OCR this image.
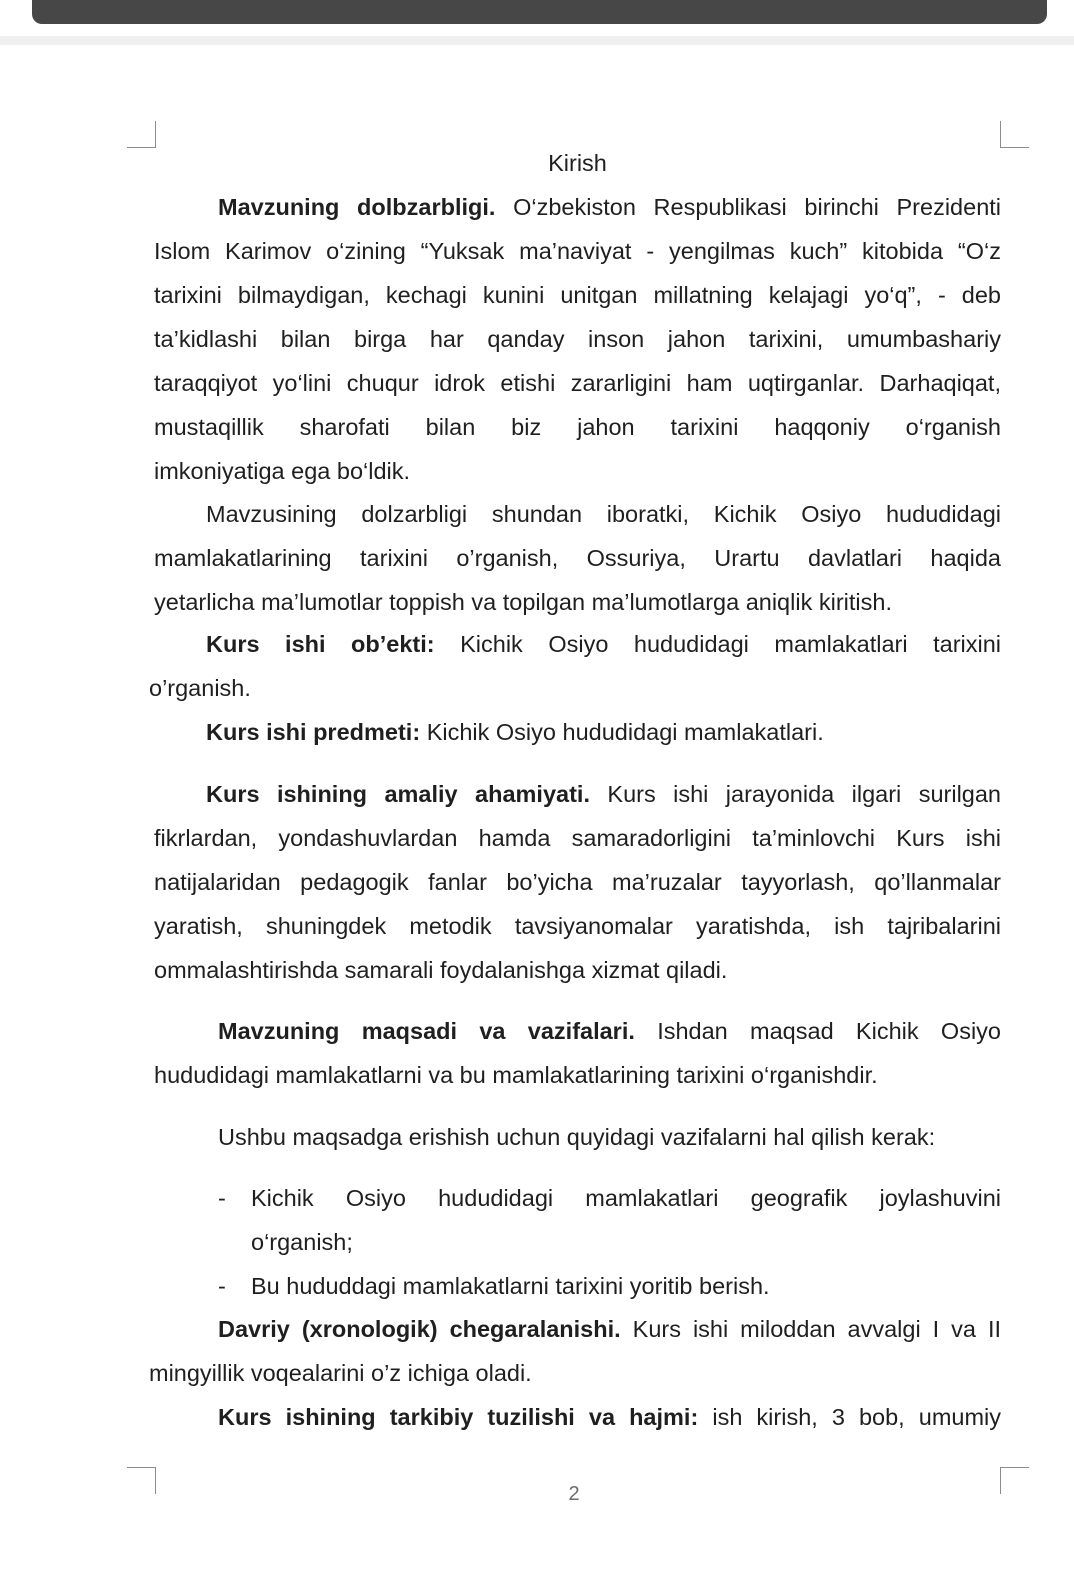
Kirish
Mavzuning dolbzarbligi. O‘zbekiston Respublikasi birinchi Prezidenti
Islom Karimov o‘zining “Yuksak ma’naviyat - yengilmas kuch” kitobida “O‘z
tarixini bilmaydigan, kechagi kunini unitgan millatning kelajagi yo‘q”, - deb
ta’kidlashi bilan birga har qanday inson jahon tarixini, umumbashariy
taraqqiyot yo‘lini chuqur idrok etishi zararligini ham uqtirganlar. Darhaqiqat,
mustaqillik sharofati bilan biz jahon tarixini haqqoniy o‘rganish
imkoniyatiga ega bo‘ldik.
Mavzusining dolzarbligi shundan iboratki, Kichik Osiyo hududidagi
mamlakatlarining tarixini o’rganish, Ossuriya, Urartu davlatlari haqida
yetarlicha ma’lumotlar toppish va topilgan ma’lumotlarga aniqlik kiritish.
Kurs ishi ob’ekti: Kichik Osiyo hududidagi mamlakatlari tarixini
o’rganish.
Kurs ishi predmeti: Kichik Osiyo hududidagi mamlakatlari.
Kurs ishining amaliy ahamiyati. Kurs ishi jarayonida ilgari surilgan
fikrlardan, yondashuvlardan hamda samaradorligini ta’minlovchi Kurs ishi
natijalaridan pedagogik fanlar bo’yicha ma’ruzalar tayyorlash, qo’llanmalar
yaratish, shuningdek metodik tavsiyanomalar yaratishda, ish tajribalarini
ommalashtirishda samarali foydalanishga xizmat qiladi.
Mavzuning maqsadi va vazifalari. Ishdan maqsad Kichik Osiyo
hududidagi mamlakatlarni va bu mamlakatlarining tarixini o‘rganishdir.
Ushbu maqsadga erishish uchun quyidagi vazifalarni hal qilish kerak:
- Kichik Osiyo hududidagi mamlakatlari geografik joylashuvini
o‘rganish;
- Bu hududdagi mamlakatlarni tarixini yoritib berish.
Davriy (xronologik) chegaralanishi. Kurs ishi miloddan avvalgi I va II
mingyillik voqealarini o’z ichiga oladi.
Kurs ishining tarkibiy tuzilishi va hajmi: ish kirish, 3 bob, umumiy
2
